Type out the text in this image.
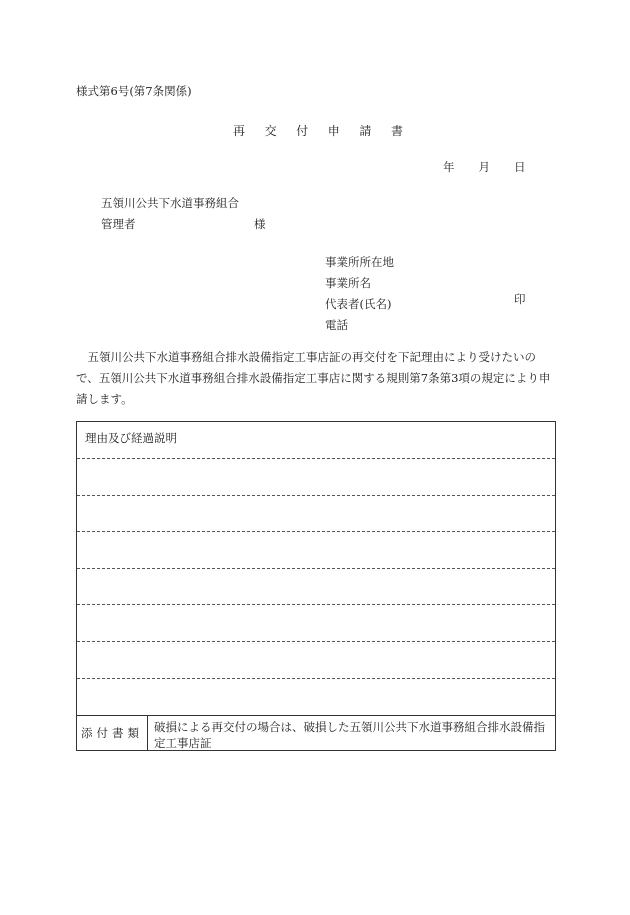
様式第6号(第7条関係)
再 交 付 申 請 書
年 月 日
五領川公共下水道事務組合
管理者	様
事業所所在地
事業所名
代表者(氏名)
電話
印
五領川公共下水道事務組合排水設備指定工事店証の再交付を下記理由により受けたいので、五領川公共下水道事務組合排水設備指定工事店に関する規則第7条第3項の規定により申請します。
理由及び経過説明
添付書類 破損による再交付の場合は、破損した五領川公共下水道事務組合排水設備指定工事店証
